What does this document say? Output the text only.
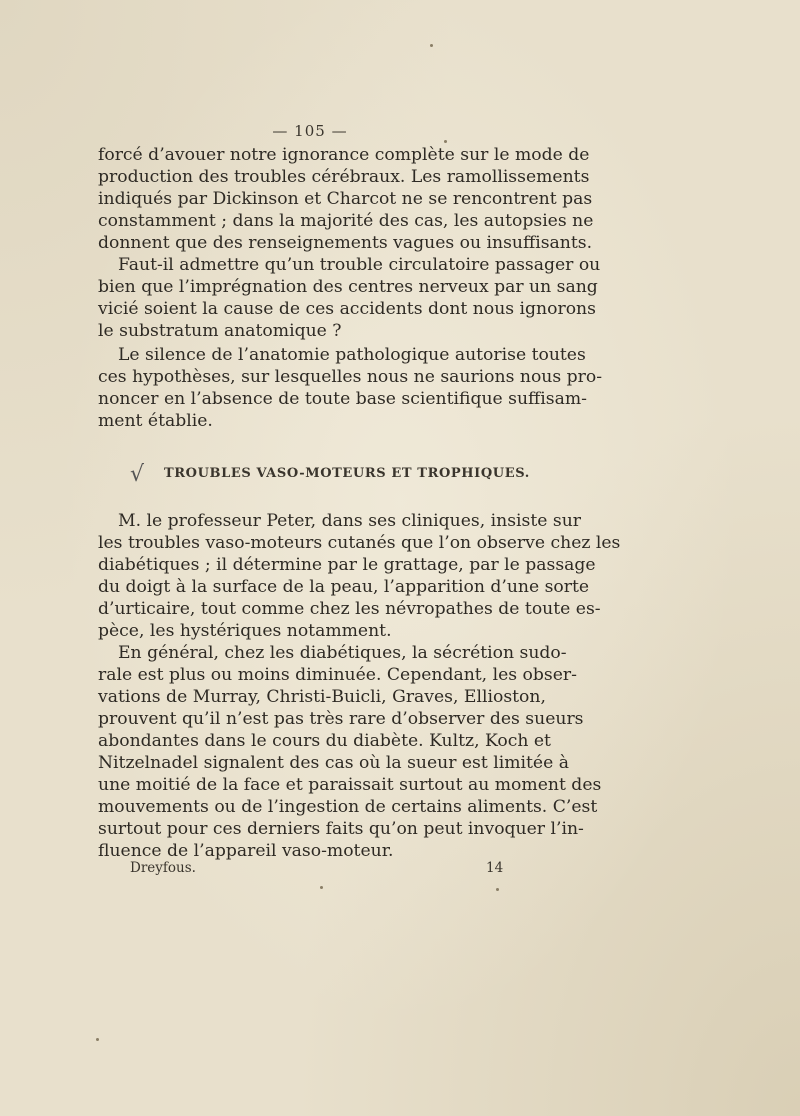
— 105 —
forcé d’avouer notre ignorance complète sur le mode de
production des troubles cérébraux. Les ramollissements
indiqués par Dickinson et Charcot ne se rencontrent pas
constamment ; dans la majorité des cas, les autopsies ne
donnent que des renseignements vagues ou insuffisants.
Faut-il admettre qu’un trouble circulatoire passager ou
bien que l’imprégnation des centres nerveux par un sang
vicié soient la cause de ces accidents dont nous ignorons
le substratum anatomique ?
Le silence de l’anatomie pathologique autorise toutes
ces hypothèses, sur lesquelles nous ne saurions nous pro-
noncer en l’absence de toute base scientifique suffisam-
ment établie.
√ TROUBLES VASO-MOTEURS ET TROPHIQUES.
M. le professeur Peter, dans ses cliniques, insiste sur
les troubles vaso-moteurs cutanés que l’on observe chez les
diabétiques ; il détermine par le grattage, par le passage
du doigt à la surface de la peau, l’apparition d’une sorte
d’urticaire, tout comme chez les névropathes de toute es-
pèce, les hystériques notamment.
En général, chez les diabétiques, la sécrétion sudo-
rale est plus ou moins diminuée. Cependant, les obser-
vations de Murray, Christi-Buicli, Graves, Ellioston,
prouvent qu’il n’est pas très rare d’observer des sueurs
abondantes dans le cours du diabète. Kultz, Koch et
Nitzelnadel signalent des cas où la sueur est limitée à
une moitié de la face et paraissait surtout au moment des
mouvements ou de l’ingestion de certains aliments. C’est
surtout pour ces derniers faits qu’on peut invoquer l’in-
fluence de l’appareil vaso-moteur.
Dreyfous.	14
